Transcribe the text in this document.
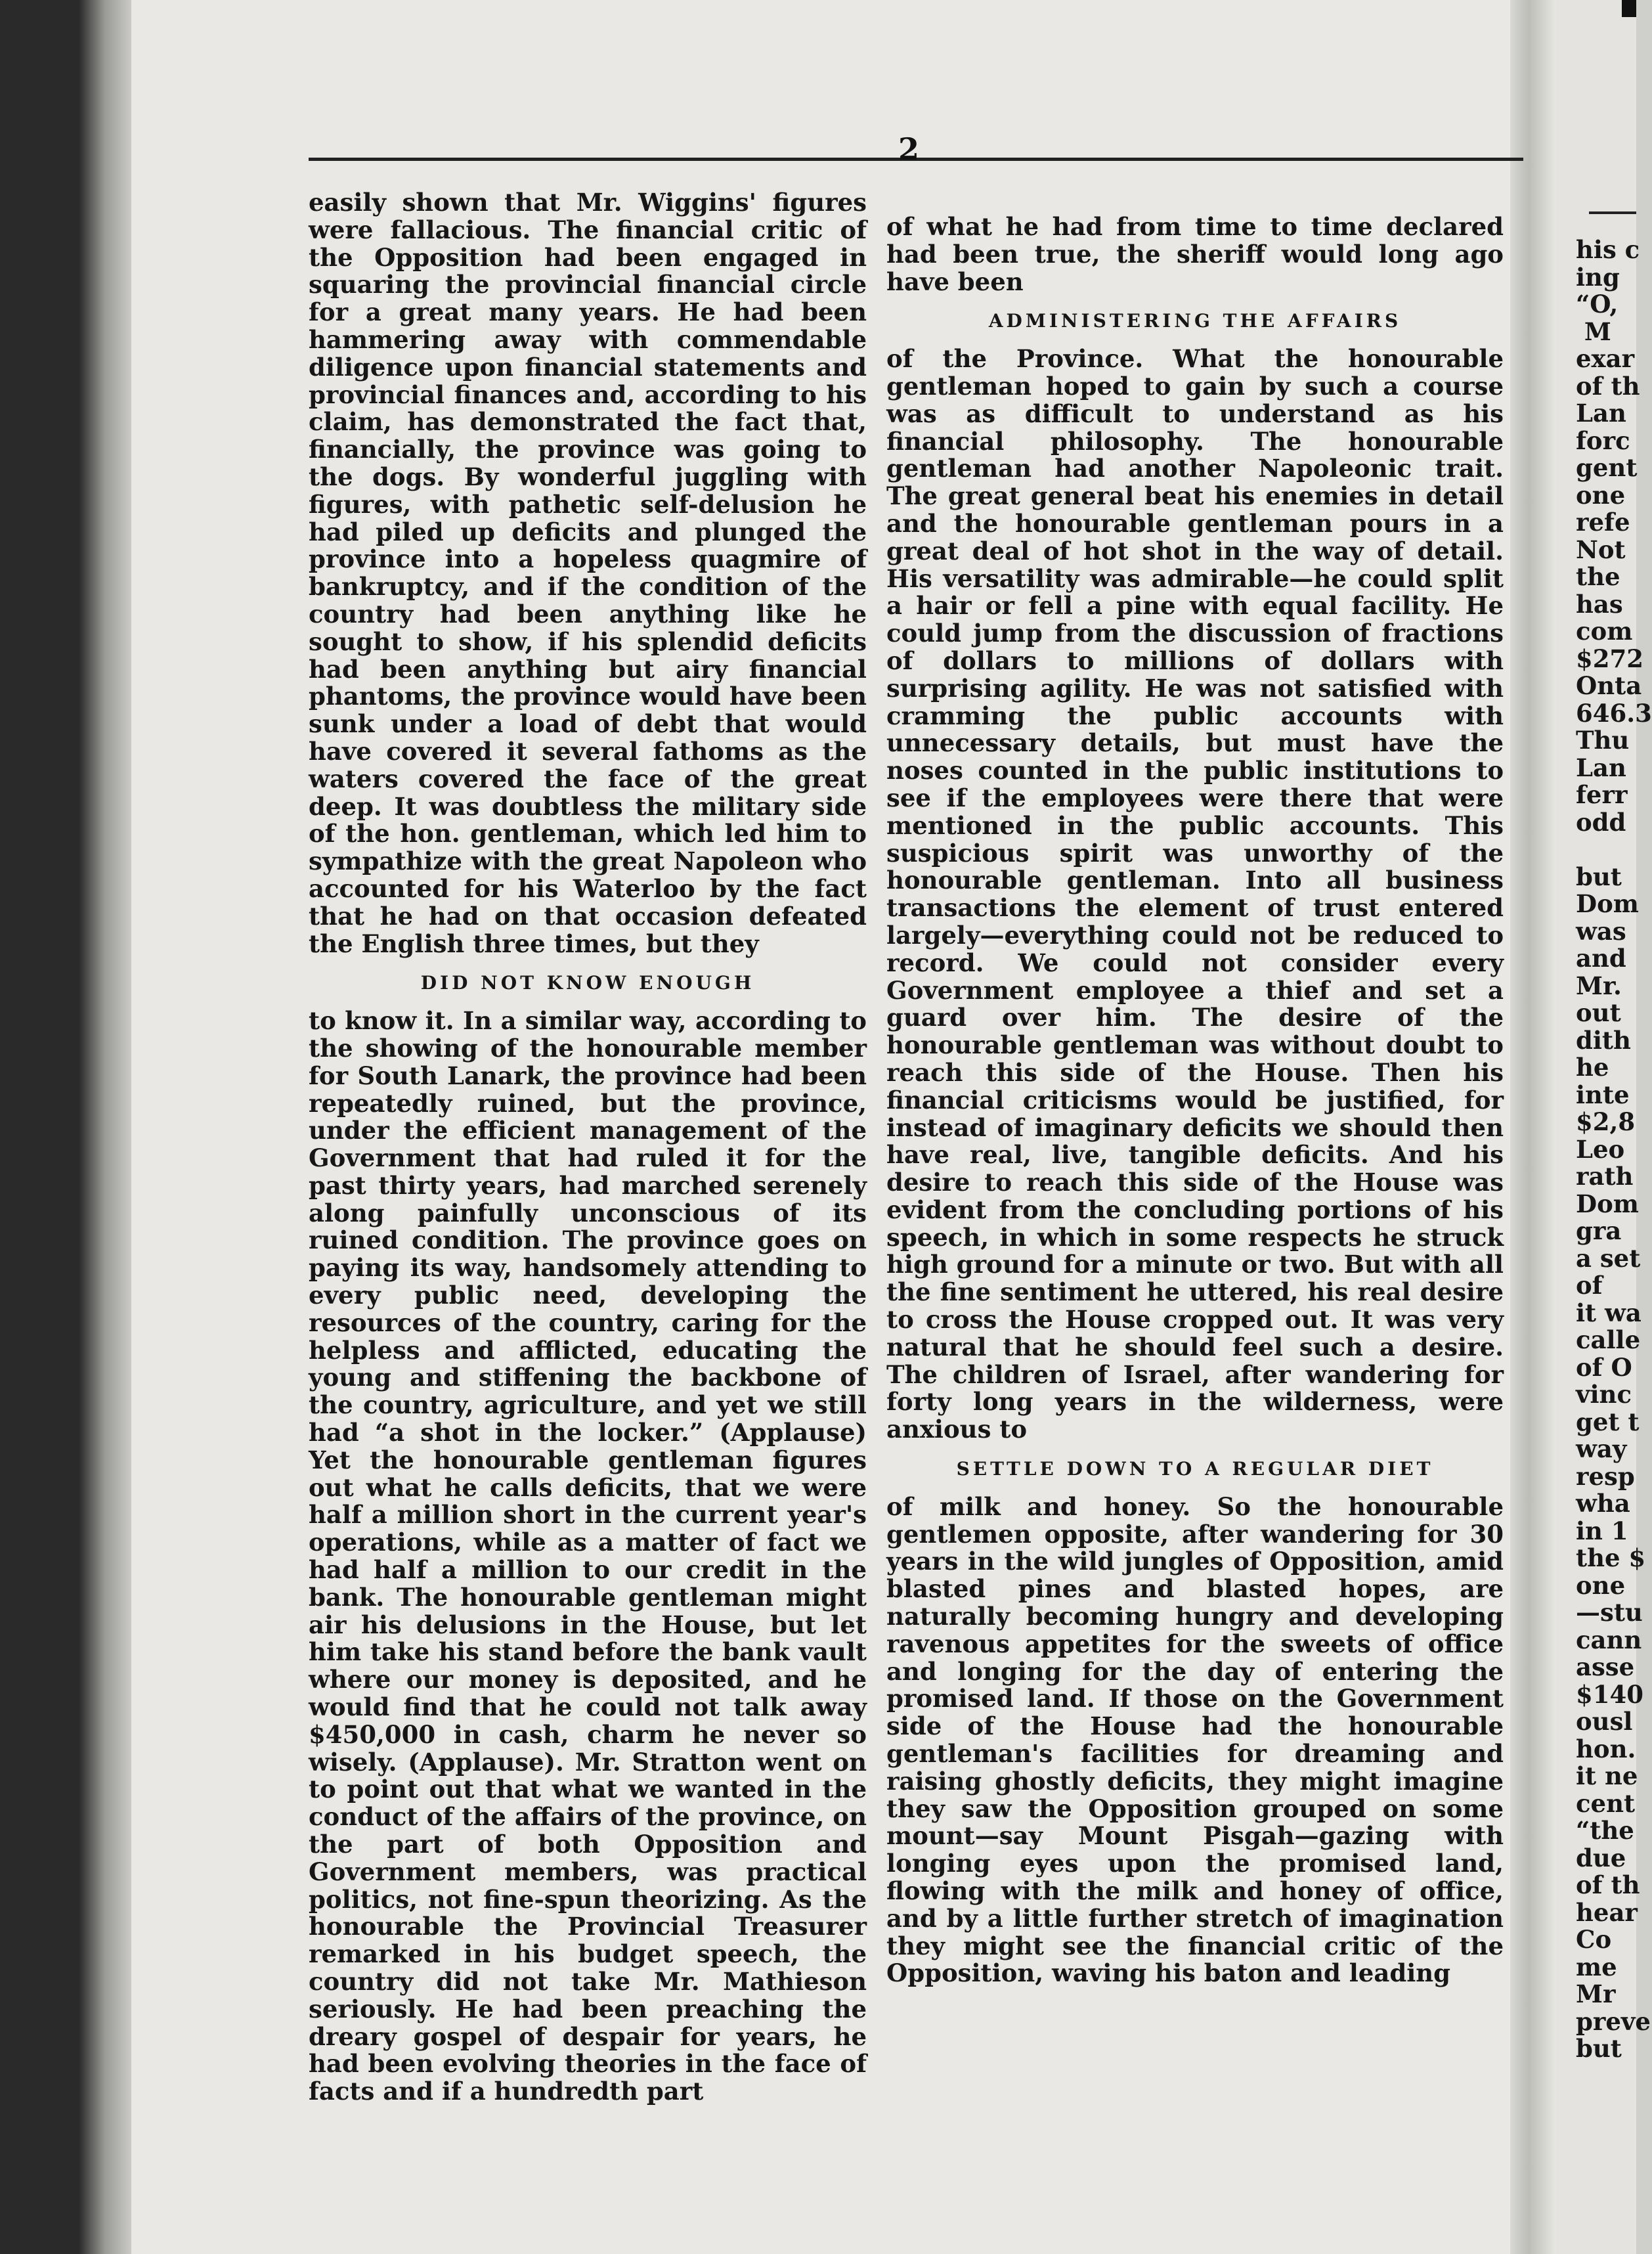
2

easily shown that Mr. Wiggins' figures were fallacious. The financial critic of the Opposition had been engaged in squaring the provincial financial circle for a great many years. He had been hammering away with commendable diligence upon financial statements and provincial finances and, according to his claim, has demonstrated the fact that, financially, the province was going to the dogs. By wonderful juggling with figures, with pathetic self-delusion he had piled up deficits and plunged the province into a hopeless quagmire of bankruptcy, and if the condition of the country had been anything like he sought to show, if his splendid deficits had been anything but airy financial phantoms, the province would have been sunk under a load of debt that would have covered it several fathoms as the waters covered the face of the great deep. It was doubtless the military side of the hon. gentleman, which led him to sympathize with the great Napoleon who accounted for his Waterloo by the fact that he had on that occasion defeated the English three times, but they

DID NOT KNOW ENOUGH

to know it. In a similar way, according to the showing of the honourable member for South Lanark, the province had been repeatedly ruined, but the province, under the efficient management of the Government that had ruled it for the past thirty years, had marched serenely along painfully unconscious of its ruined condition. The province goes on paying its way, handsomely attending to every public need, developing the resources of the country, caring for the helpless and afflicted, educating the young and stiffening the backbone of the country, agriculture, and yet we still had “a shot in the locker.” (Applause) Yet the honourable gentleman figures out what he calls deficits, that we were half a million short in the current year's operations, while as a matter of fact we had half a million to our credit in the bank. The honourable gentleman might air his delusions in the House, but let him take his stand before the bank vault where our money is deposited, and he would find that he could not talk away $450,000 in cash, charm he never so wisely. (Applause). Mr. Stratton went on to point out that what we wanted in the conduct of the affairs of the province, on the part of both Opposition and Government members, was practical politics, not fine-spun theorizing. As the honourable the Provincial Treasurer remarked in his budget speech, the country did not take Mr. Mathieson seriously. He had been preaching the dreary gospel of despair for years, he had been evolving theories in the face of facts and if a hundredth part

of what he had from time to time declared had been true, the sheriff would long ago have been

ADMINISTERING THE AFFAIRS

of the Province. What the honourable gentleman hoped to gain by such a course was as difficult to understand as his financial philosophy. The honourable gentleman had another Napoleonic trait. The great general beat his enemies in detail and the honourable gentleman pours in a great deal of hot shot in the way of detail. His versatility was admirable—he could split a hair or fell a pine with equal facility. He could jump from the discussion of fractions of dollars to millions of dollars with surprising agility. He was not satisfied with cramming the public accounts with unnecessary details, but must have the noses counted in the public institutions to see if the employees were there that were mentioned in the public accounts. This suspicious spirit was unworthy of the honourable gentleman. Into all business transactions the element of trust entered largely—everything could not be reduced to record. We could not consider every Government employee a thief and set a guard over him. The desire of the honourable gentleman was without doubt to reach this side of the House. Then his financial criticisms would be justified, for instead of imaginary deficits we should then have real, live, tangible deficits. And his desire to reach this side of the House was evident from the concluding portions of his speech, in which in some respects he struck high ground for a minute or two. But with all the fine sentiment he uttered, his real desire to cross the House cropped out. It was very natural that he should feel such a desire. The children of Israel, after wandering for forty long years in the wilderness, were anxious to

SETTLE DOWN TO A REGULAR DIET

of milk and honey. So the honourable gentlemen opposite, after wandering for 30 years in the wild jungles of Opposition, amid blasted pines and blasted hopes, are naturally becoming hungry and developing ravenous appetites for the sweets of office and longing for the day of entering the promised land. If those on the Government side of the House had the honourable gentleman's facilities for dreaming and raising ghostly deficits, they might imagine they saw the Opposition grouped on some mount—say Mount Pisgah—gazing with longing eyes upon the promised land, flowing with the milk and honey of office, and by a little further stretch of imagination they might see the financial critic of the Opposition, waving his baton and leading

his c
ing
“O,
M
exar
of th
Lan
forc
gent
one
refe
Not
the
has
com
$272
Onta
646.3
Thu
Lan
ferr
odd
but
Dom
was
and
Mr.
out
dith
he
inte
$2,8
Leo
rath
Dom
gra
a set
of
it wa
calle
of O
vinc
get t
way
resp
wha
in 1
the $
one
—stu
cann
asse
$140
ousl
hon.
it ne
cent
“the
due
of th
hear
Co
me
Mr
preve
but
